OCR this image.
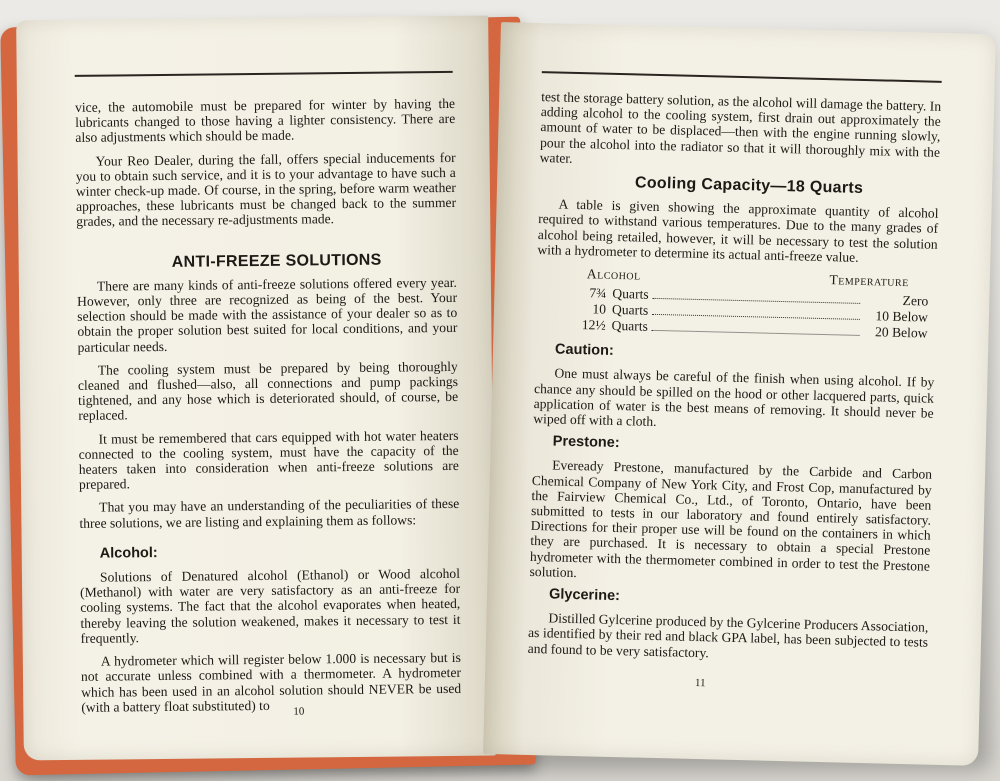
vice, the automobile must be prepared for winter by having the lubricants changed to those having a lighter consistency. There are also adjustments which should be made.

Your Reo Dealer, during the fall, offers special inducements for you to obtain such service, and it is to your advantage to have such a winter check-up made. Of course, in the spring, before warm weather approaches, these lubricants must be changed back to the summer grades, and the necessary re-adjustments made.

ANTI-FREEZE SOLUTIONS

There are many kinds of anti-freeze solutions offered every year. However, only three are recognized as being of the best. Your selection should be made with the assistance of your dealer so as to obtain the proper solution best suited for local conditions, and your particular needs.

The cooling system must be prepared by being thoroughly cleaned and flushed—also, all connections and pump packings tightened, and any hose which is deteriorated should, of course, be replaced.

It must be remembered that cars equipped with hot water heaters connected to the cooling system, must have the capacity of the heaters taken into consideration when anti-freeze solutions are prepared.

That you may have an understanding of the peculiarities of these three solutions, we are listing and explaining them as follows:

Alcohol:

Solutions of Denatured alcohol (Ethanol) or Wood alcohol (Methanol) with water are very satisfactory as an anti-freeze for cooling systems. The fact that the alcohol evaporates when heated, thereby leaving the solution weakened, makes it necessary to test it frequently.

A hydrometer which will register below 1.000 is necessary but is not accurate unless combined with a thermometer. A hydrometer which has been used in an alcohol solution should NEVER be used (with a battery float substituted) to	10

test the storage battery solution, as the alcohol will damage the battery. In adding alcohol to the cooling system, first drain out approximately the amount of water to be displaced—then with the engine running slowly, pour the alcohol into the radiator so that it will thoroughly mix with the water.

Cooling Capacity—18 Quarts

A table is given showing the approximate quantity of alcohol required to withstand various temperatures. Due to the many grades of alcohol being retailed, however, it will be necessary to test the solution with a hydrometer to determine its actual anti-freeze value.

Alcohol	Temperature
7¾ Quarts	Zero
10 Quarts	10 Below
12½ Quarts	20 Below

Caution:

One must always be careful of the finish when using alcohol. If by chance any should be spilled on the hood or other lacquered parts, quick application of water is the best means of removing. It should never be wiped off with a cloth.

Prestone:

Eveready Prestone, manufactured by the Carbide and Carbon Chemical Company of New York City, and Frost Cop, manufactured by the Fairview Chemical Co., Ltd., of Toronto, Ontario, have been submitted to tests in our laboratory and found entirely satisfactory. Directions for their proper use will be found on the containers in which they are purchased. It is necessary to obtain a special Prestone hydrometer with the thermometer combined in order to test the Prestone solution.

Glycerine:

Distilled Gylcerine produced by the Gylcerine Producers Association, as identified by their red and black GPA label, has been subjected to tests and found to be very satisfactory.

11
